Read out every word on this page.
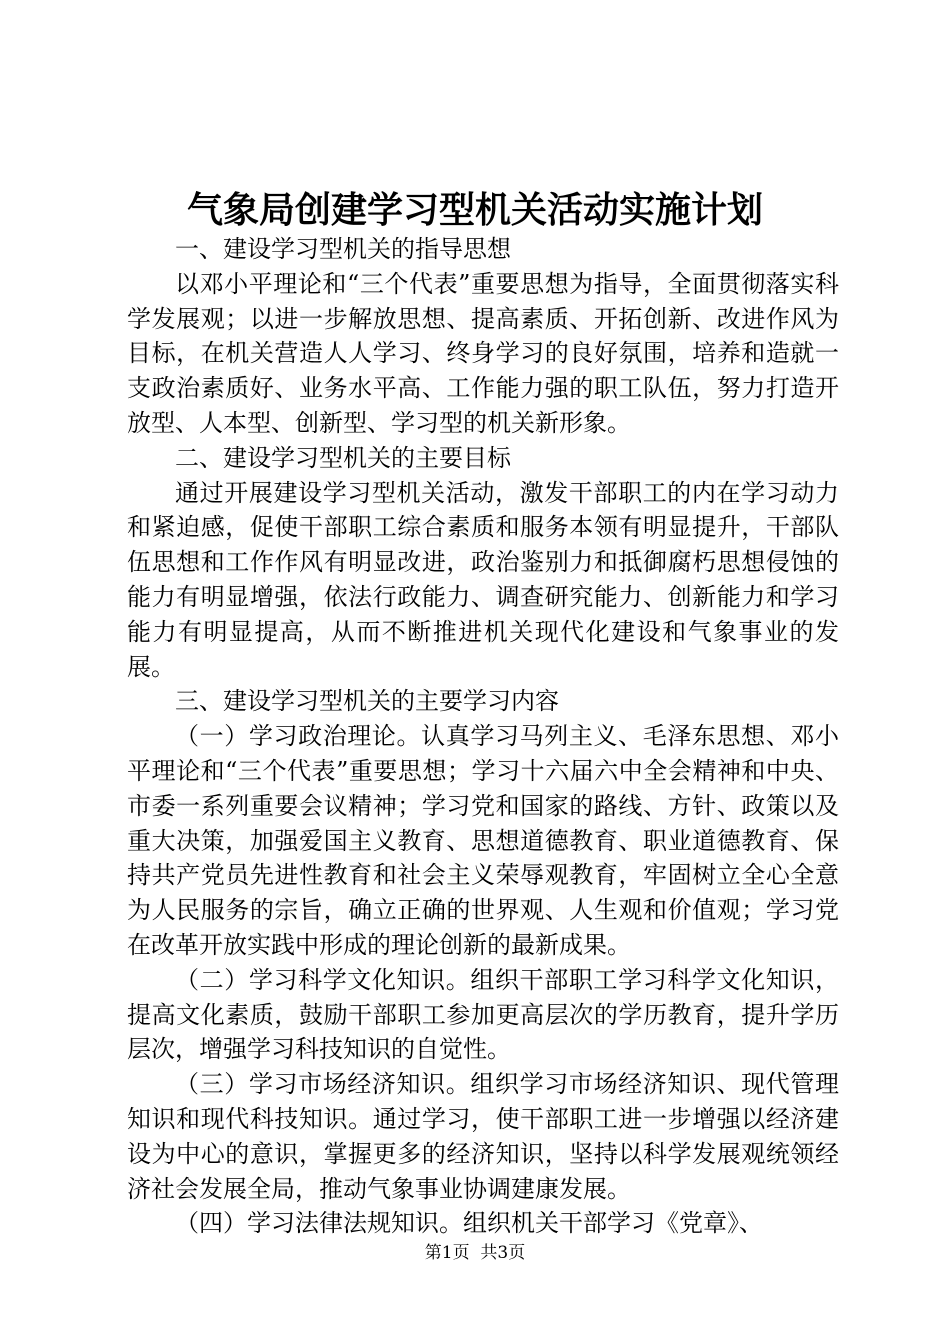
气象局创建学习型机关活动实施计划

一、建设学习型机关的指导思想

以邓小平理论和“三个代表”重要思想为指导，全面贯彻落实科学发展观；以进一步解放思想、提高素质、开拓创新、改进作风为目标，在机关营造人人学习、终身学习的良好氛围，培养和造就一支政治素质好、业务水平高、工作能力强的职工队伍，努力打造开放型、人本型、创新型、学习型的机关新形象。

二、建设学习型机关的主要目标

通过开展建设学习型机关活动，激发干部职工的内在学习动力和紧迫感，促使干部职工综合素质和服务本领有明显提升，干部队伍思想和工作作风有明显改进，政治鉴别力和抵御腐朽思想侵蚀的能力有明显增强，依法行政能力、调查研究能力、创新能力和学习能力有明显提高，从而不断推进机关现代化建设和气象事业的发展。

三、建设学习型机关的主要学习内容

（一）学习政治理论。认真学习马列主义、毛泽东思想、邓小平理论和“三个代表”重要思想；学习十六届六中全会精神和中央、市委一系列重要会议精神；学习党和国家的路线、方针、政策以及重大决策，加强爱国主义教育、思想道德教育、职业道德教育、保持共产党员先进性教育和社会主义荣辱观教育，牢固树立全心全意为人民服务的宗旨，确立正确的世界观、人生观和价值观；学习党在改革开放实践中形成的理论创新的最新成果。

（二）学习科学文化知识。组织干部职工学习科学文化知识，提高文化素质，鼓励干部职工参加更高层次的学历教育，提升学历层次，增强学习科技知识的自觉性。

（三）学习市场经济知识。组织学习市场经济知识、现代管理知识和现代科技知识。通过学习，使干部职工进一步增强以经济建设为中心的意识，掌握更多的经济知识，坚持以科学发展观统领经济社会发展全局，推动气象事业协调建康发展。

（四）学习法律法规知识。组织机关干部学习《党章》、

第1页 共3页
